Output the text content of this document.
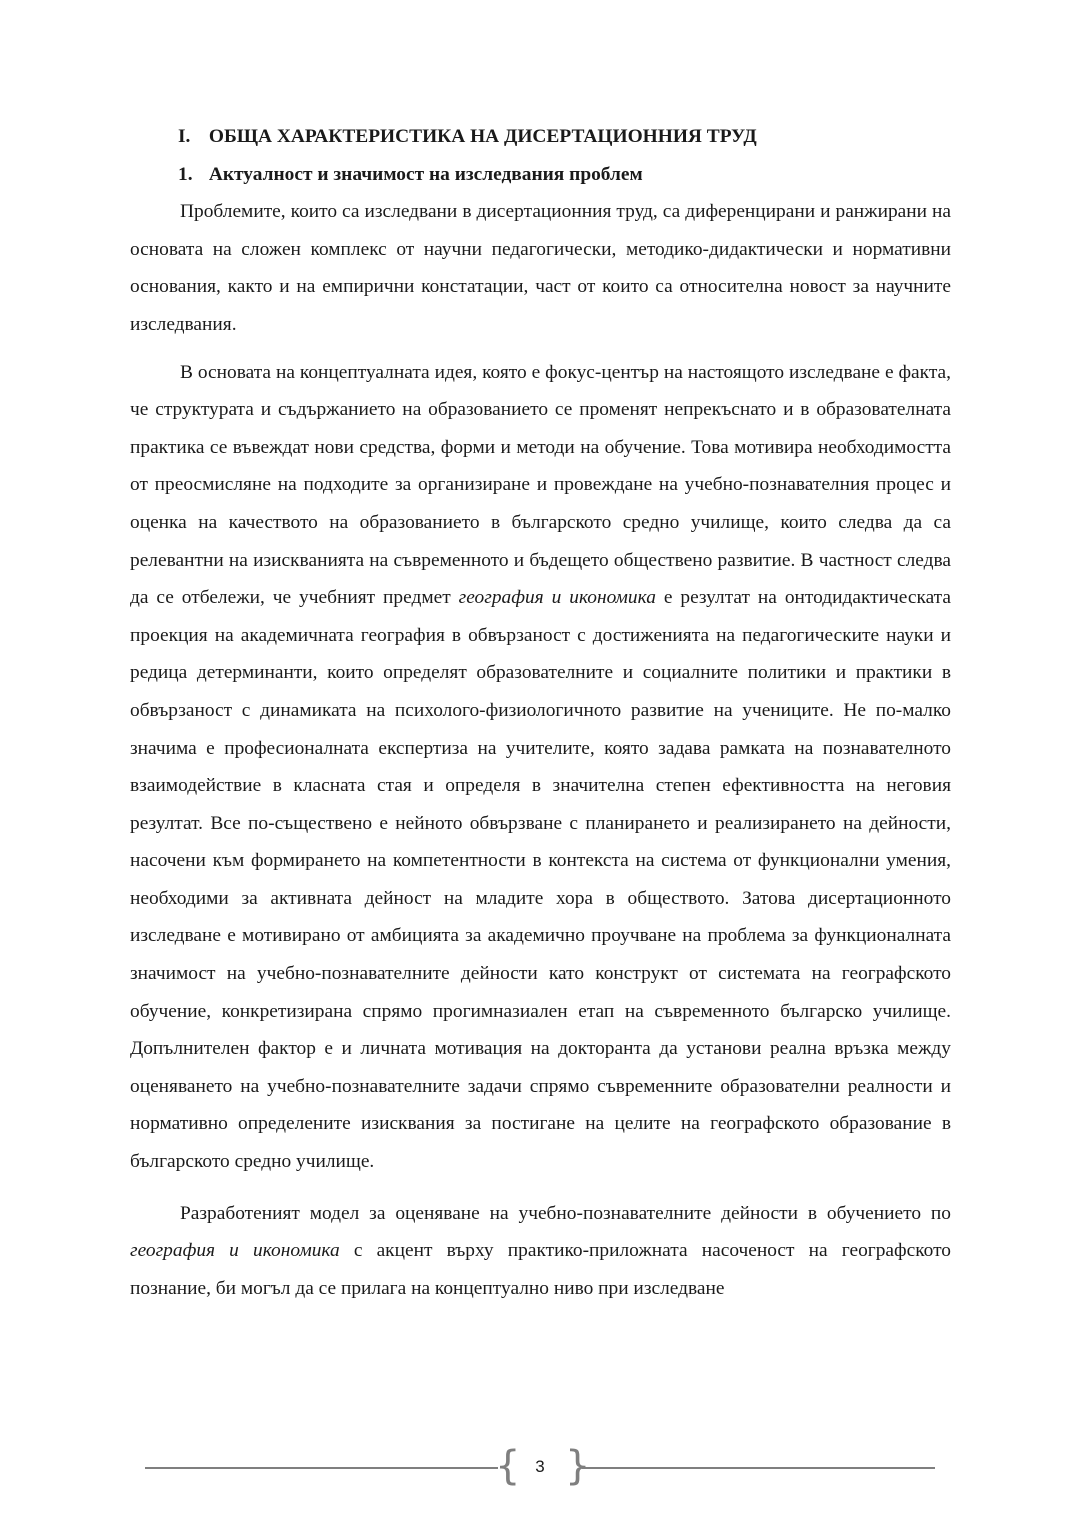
I. ОБЩА ХАРАКТЕРИСТИКА НА ДИСЕРТАЦИОННИЯ ТРУД

1. Актуалност и значимост на изследвания проблем

Проблемите, които са изследвани в дисертационния труд, са диференцирани и ранжирани на основата на сложен комплекс от научни педагогически, методико-дидактически и нормативни основания, както и на емпирични констатации, част от които са относителна новост за научните изследвания.

В основата на концептуалната идея, която е фокус-център на настоящото изследване е факта, че структурата и съдържанието на образованието се променят непрекъснато и в образователната практика се въвеждат нови средства, форми и методи на обучение. Това мотивира необходимостта от преосмисляне на подходите за организиране и провеждане на учебно-познавателния процес и оценка на качеството на образованието в българското средно училище, които следва да са релевантни на изискванията на съвременното и бъдещето обществено развитие. В частност следва да се отбележи, че учебният предмет география и икономика е резултат на онтодидактическата проекция на академичната география в обвързаност с достиженията на педагогическите науки и редица детерминанти, които определят образователните и социалните политики и практики в обвързаност с динамиката на психолого-физиологичното развитие на учениците. Не по-малко значима е професионалната експертиза на учителите, която задава рамката на познавателното взаимодействие в класната стая и определя в значителна степен ефективността на неговия резултат. Все по-съществено е нейното обвързване с планирането и реализирането на дейности, насочени към формирането на компетентности в контекста на система от функционални умения, необходими за активната дейност на младите хора в обществото. Затова дисертационното изследване е мотивирано от амбицията за академично проучване на проблема за функционалната значимост на учебно-познавателните дейности като конструкт от системата на географското обучение, конкретизирана спрямо прогимназиален етап на съвременното българско училище. Допълнителен фактор е и личната мотивация на докторанта да установи реална връзка между оценяването на учебно-познавателните задачи спрямо съвременните образователни реалности и нормативно определените изисквания за постигане на целите на географското образование в българското средно училище.

Разработеният модел за оценяване на учебно-познавателните дейности в обучението по география и икономика с акцент върху практико-приложната насоченост на географското познание, би могъл да се прилага на концептуално ниво при изследване

{ 3 }
